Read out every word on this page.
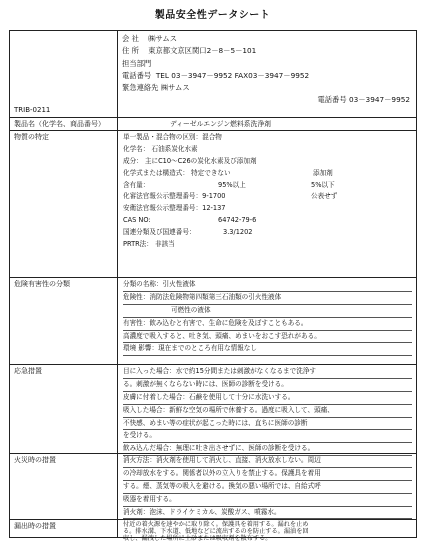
製品安全性データシート
会 社 ㈱サムス
住 所 東京都文京区関口2－8－5－101
担当部門
電話番号 TEL 03－3947－9952 FAX03－3947－9952
緊急連絡先 ㈱サムス
電話番号 03－3947－9952
TRIB-0211
製品名（化学名、商品番号）	ディーゼルエンジン燃料系洗浄剤
物質の特定	単一製品・混合物の区別：混合物
化学名： 石油系炭化水素
成分： 主にC10～C26の炭化水素及び添加剤
化学式または構造式： 特定できない	添加剤
含有量：	95%以上	5%以下
化審法官報公示整理番号：9-1700	公表せず
安衛法官報公示整理番号：12-137
CAS NO:	64742-79-6
国連分類及び国連番号：	3.3/1202
PRTR法： 非該当
危険有害性の分類	分類の名称：引火性液体
危険性：消防法危険物第四類第三石油類の引火性液体
可燃性の液体
有害性：飲み込むと有害で、生命に危険を及ぼすこともある。
高濃度で吸入すると、吐き気、頭痛、めまいをおこす恐れがある。
環境 影響：現在までのところ有用な情報なし
応急措置	目に入った場合：水で約15分間または刺激がなくなるまで洗浄す
る。刺激が無くならない時には、医師の診断を受ける。
皮膚に付着した場合：石鹸を使用して十分に水洗いする。
吸入した場合：新鮮な空気の場所で休養する。過度に吸入して、頭痛、
不快感、めまい等の症状が起こった時には、直ちに医師の診断
を受ける。
飲み込んだ場合：無理に吐き出させずに、医師の診断を受ける。
火災時の措置	消火方法：消火剤を使用して消火し、直接、消火放水しない。周辺
の冷却放水をする。関係者以外の立入りを禁止する。保護具を着用
する。煙、蒸気等の吸入を避ける。換気の悪い場所では、自給式呼
吸器を着用する。
消火剤：泡沫、ドライケミカル、炭酸ガス、噴霧水。
漏出時の措置	付近の着火源を速やかに取り除く。保護具を着用する。漏れを止め
る。排水溝、下水道、低地などに流出するのを防止する。漏油を回
収し、漏洩した場所に土砂または吸収剤を散布する。
